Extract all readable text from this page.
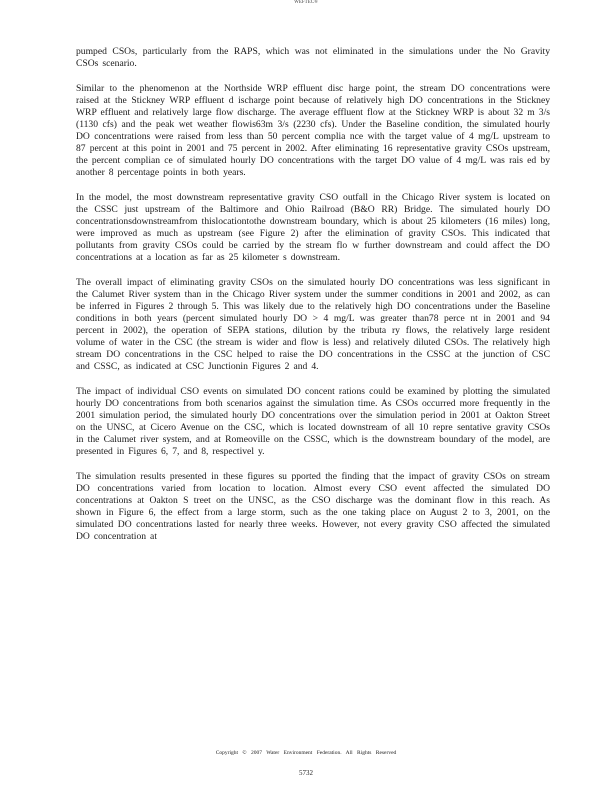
WEFTEC®

pumped CSOs, particularly from the RAPS, which was not eliminated in the simulations under the No Gravity CSOs scenario.

Similar to the phenomenon at the Northside WRP effluent disc harge point, the stream DO concentrations were raised at the Stickney WRP effluent d ischarge point because of relatively high DO concentrations in the Stickney WRP effluent and relatively large flow discharge. The average effluent flow at the Stickney WRP is about 32 m 3/s (1130 cfs) and the peak wet weather flowis63m 3/s (2230 cfs). Under the Baseline condition, the simulated hourly DO concentrations were raised from less than 50 percent complia nce with the target value of 4 mg/L upstream to 87 percent at this point in 2001 and 75 percent in 2002. After eliminating 16 representative gravity CSOs upstream, the percent complian ce of simulated hourly DO concentrations with the target DO value of 4 mg/L was rais ed by another 8 percentage points in both years.

In the model, the most downstream representative gravity CSO outfall in the Chicago River system is located on the CSSC just upstream of the Baltimore and Ohio Railroad (B&O RR) Bridge. The simulated hourly DO concentrationsdownstreamfrom thislocationtothe downstream boundary, which is about 25 kilometers (16 miles) long, were improved as much as upstream (see Figure 2) after the elimination of gravity CSOs. This indicated that pollutants from gravity CSOs could be carried by the stream flo w further downstream and could affect the DO concentrations at a location as far as 25 kilometer s downstream.

The overall impact of eliminating gravity CSOs on the simulated hourly DO concentrations was less significant in the Calumet River system than in the Chicago River system under the summer conditions in 2001 and 2002, as can be inferred in Figures 2 through 5. This was likely due to the relatively high DO concentrations under the Baseline conditions in both years (percent simulated hourly DO > 4 mg/L was greater than78 perce nt in 2001 and 94 percent in 2002), the operation of SEPA stations, dilution by the tributa ry flows, the relatively large resident volume of water in the CSC (the stream is wider and flow is less) and relatively diluted CSOs. The relatively high stream DO concentrations in the CSC helped to raise the DO concentrations in the CSSC at the junction of CSC and CSSC, as indicated at CSC Junctionin Figures 2 and 4.

The impact of individual CSO events on simulated DO concent rations could be examined by plotting the simulated hourly DO concentrations from both scenarios against the simulation time. As CSOs occurred more frequently in the 2001 simulation period, the simulated hourly DO concentrations over the simulation period in 2001 at Oakton Street on the UNSC, at Cicero Avenue on the CSC, which is located downstream of all 10 repre sentative gravity CSOs in the Calumet river system, and at Romeoville on the CSSC, which is the downstream boundary of the model, are presented in Figures 6, 7, and 8, respectivel y.

The simulation results presented in these figures su pported the finding that the impact of gravity CSOs on stream DO concentrations varied from location to location. Almost every CSO event affected the simulated DO concentrations at Oakton S treet on the UNSC, as the CSO discharge was the dominant flow in this reach. As shown in Figure 6, the effect from a large storm, such as the one taking place on August 2 to 3, 2001, on the simulated DO concentrations lasted for nearly three weeks. However, not every gravity CSO affected the simulated DO concentration at

Copyright © 2007 Water Environment Federation. All Rights Reserved
5732
